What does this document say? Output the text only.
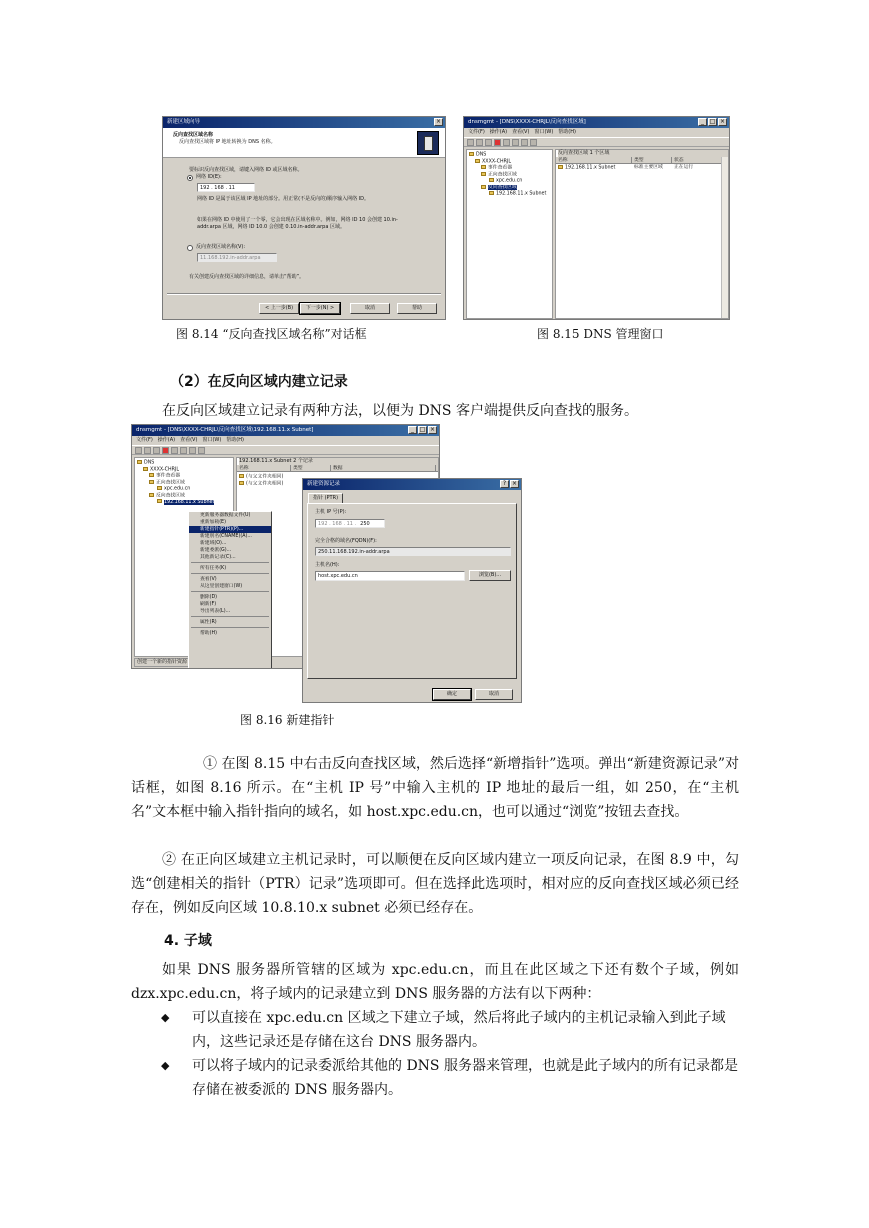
新建区域向导	×
反向查找区域名称
反向查找区域将 IP 地址转换为 DNS 名称。
要标识反向查找区域，请键入网络 ID 或区域名称。
网络 ID(E):
192 . 168 . 11
网络 ID 是属于该区域 IP 地址的部分。用正常(不是反向的)顺序输入网络 ID。
如果在网络 ID 中使用了一个零，它会出现在区域名称中。例如，网络 ID 10 会创建 10.in-addr.arpa 区域，网络 ID 10.0 会创建 0.10.in-addr.arpa 区域。
反向查找区域名称(V):
11.168.192.in-addr.arpa
有关创建反向查找区域的详细信息，请单击“帮助”。
< 上一步(B)	下一步(N) >	取消	帮助
图 8.14 “反向查找区域名称”对话框
dnsmgmt - [DNS\XXXX-CHRJL\反向查找区域]	_ □ ×
文件(F) 操作(A) 查看(V) 窗口(W) 帮助(H)
DNS
XXXX-CHRJL
事件查看器
正向查找区域
xpc.edu.cn
反向查找区域
192.168.11.x Subnet
反向查找区域 1 个区域
名称	类型	状态
192.168.11.x Subnet	标准主要区域	正在运行
图 8.15 DNS 管理窗口
（2）在反向区域内建立记录
在反向区域建立记录有两种方法，以便为 DNS 客户端提供反向查找的服务。
dnsmgmt - [DNS\XXXX-CHRJL\反向查找区域\192.168.11.x Subnet]	_ □ ×
文件(F) 操作(A) 查看(V) 窗口(W) 帮助(H)
DNS
XXXX-CHRJL
事件查看器
正向查找区域
xpc.edu.cn
反向查找区域
192.168.11.x Subnet
192.168.11.x Subnet 2 个记录
名称	类型	数据
(与父文件夹相同)
(与父文件夹相同)
创建一个新的指针资源
更新服务器数据文件(U)
重新加载(E)
新建指针(PTR)(P)...
新建别名(CNAME)(A)...
新建域(O)...
新建委派(G)...
其他新记录(C)...
所有任务(K)
查看(V)
从这里创建窗口(W)
删除(D)
刷新(F)
导出列表(L)...
属性(R)
帮助(H)
新建资源记录	? ×
指针 (PTR)
主机 IP 号(P):
192 . 168 . 11 . 250
完全合格的域名(FQDN)(F):
250.11.168.192.in-addr.arpa
主机名(H):
host.xpc.edu.cn	浏览(B)...
确定	取消
图 8.16 新建指针
① 在图 8.15 中右击反向查找区域，然后选择“新增指针”选项。弹出“新建资源记录”对话框，如图 8.16 所示。在“主机 IP 号”中输入主机的 IP 地址的最后一组，如 250，在“主机名”文本框中输入指针指向的域名，如 host.xpc.edu.cn，也可以通过“浏览”按钮去查找。
② 在正向区域建立主机记录时，可以顺便在反向区域内建立一项反向记录，在图 8.9 中，勾选“创建相关的指针（PTR）记录”选项即可。但在选择此选项时，相对应的反向查找区域必须已经存在，例如反向区域 10.8.10.x subnet 必须已经存在。
4. 子域
如果 DNS 服务器所管辖的区域为 xpc.edu.cn，而且在此区域之下还有数个子域，例如 dzx.xpc.edu.cn，将子域内的记录建立到 DNS 服务器的方法有以下两种：
◆ 可以直接在 xpc.edu.cn 区域之下建立子域，然后将此子域内的主机记录输入到此子域内，这些记录还是存储在这台 DNS 服务器内。
◆ 可以将子域内的记录委派给其他的 DNS 服务器来管理，也就是此子域内的所有记录都是存储在被委派的 DNS 服务器内。
